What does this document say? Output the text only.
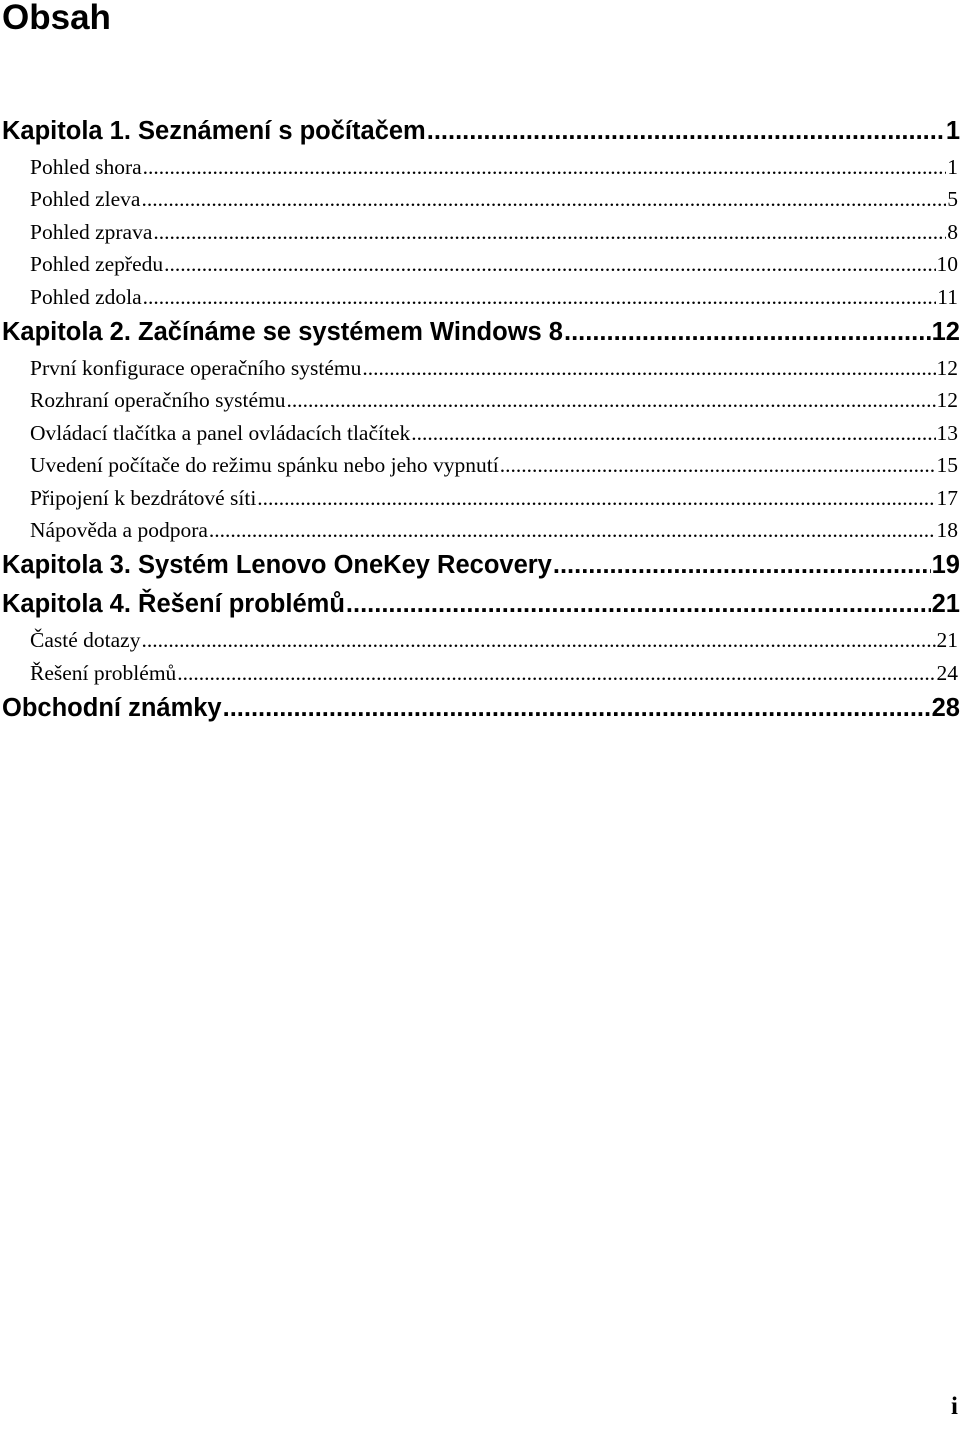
Obsah
Kapitola 1. Seznámení s počítačem .....	1
Pohled shora .....	1
Pohled zleva .....	5
Pohled zprava .....	8
Pohled zepředu .....	10
Pohled zdola .....	11
Kapitola 2. Začínáme se systémem Windows 8 .....	12
První konfigurace operačního systému .....	12
Rozhraní operačního systému .....	12
Ovládací tlačítka a panel ovládacích tlačítek .....	13
Uvedení počítače do režimu spánku nebo jeho vypnutí .....	15
Připojení k bezdrátové síti .....	17
Nápověda a podpora .....	18
Kapitola 3. Systém Lenovo OneKey Recovery .....	19
Kapitola 4. Řešení problémů .....	21
Časté dotazy .....	21
Řešení problémů .....	24
Obchodní známky .....	28
i
